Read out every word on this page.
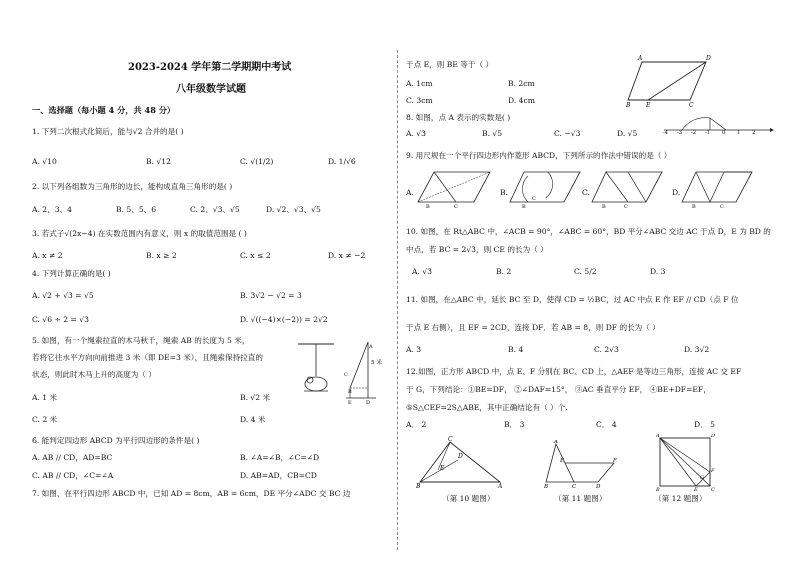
2023-2024 学年第二学期期中考试
八年级数学试题
一、选择题（每小题 4 分，共 48 分）
1. 下列二次根式化简后，能与√2 合并的是( )
A. √10	B. √12	C. √(1/2)	D. 1/√6
2. 以下列各组数为三角形的边长，能构成直角三角形的是( )
A. 2、3、4	B. 5、5、6	C. 2、√3、√5	D. √2、√3、√5
3. 若式子√(2x−4) 在实数范围内有意义，则 x 的取值范围是 ( )
A. x ≠ 2	B. x ≥ 2	C. x ≤ 2	D. x ≠ −2
4. 下列计算正确的是( )
A. √2 + √3 = √5	B. 3√2 − √2 = 3
C. √6 ÷ 2 = √3	D. √((−4)×(−2)) = 2√2
5. 如图，有一个绳索拉直的木马秋千，绳索 AB 的长度为 5 米，
若将它往水平方向向前推进 3 米（即 DE=3 米），且绳索保持拉直的
状态，则此时木马上升的高度为（ ）
A
C
B
E	D
5 米
A. 1 米	B. √2 米
C. 2 米	D. 4 米
6. 能判定四边形 ABCD 为平行四边形的条件是( )
A. AB // CD，AD=BC	B. ∠A=∠B，∠C=∠D
C. AB // CD，∠C=∠A	D. AB=AD，CB=CD
7. 如图，在平行四边形 ABCD 中，已知 AD = 8cm，AB = 6cm，DE 平分∠ADC 交 BC 边
于点 E，则 BE 等于（ ）
A. 1cm	B. 2cm
C. 3cm	D. 4cm
A	D
B	E	C
8. 如图，点 A 表示的实数是( )
A. √3	B. √5	C. −√3	D. √5	-4 -3 -2 -1 0 1 2
9. 用尺规在一个平行四边形内作菱形 ABCD，下列所示的作法中错误的是（ ）
A.	B.	C.	D.
B	C
C
B	B	C	B	C
10. 如图，在 Rt△ABC 中，∠ACB = 90°，∠ABC = 60°，BD 平分∠ABC 交边 AC 于点 D，E 为 BD 的
中点，若 BC = 2√3，则 CE 的长为（ ）
A. √3	B. 2	C. 5/2	D. 3
11. 如图，在△ABC 中，延长 BC 至 D，使得 CD = ½BC，过 AC 中点 E 作 EF // CD（点 F 位
于点 E 右侧），且 EF = 2CD，连接 DF．若 AB = 8，则 DF 的长为（ ）
A. 3	B. 4	C. 2√3	D. 3√2
12.如图，正方形 ABCD 中，点 E、F 分别在 BC、CD 上，△AEF 是等边三角形，连接 AC 交 EF
于 G，下列结论：①BE=DF， ②∠DAF=15°， ③AC 垂直平分 EF， ④BE+DF=EF，
⑤S△CEF=2S△ABE，其中正确结论有（ ）个.
A． 2	B． 3	C． 4	D． 5
C
D
E
B	A
（第 10 题图）
A
E	F
B	C	D
（第 11 题图）
A	D
B	E	C
F
G
（第 12 题图）
